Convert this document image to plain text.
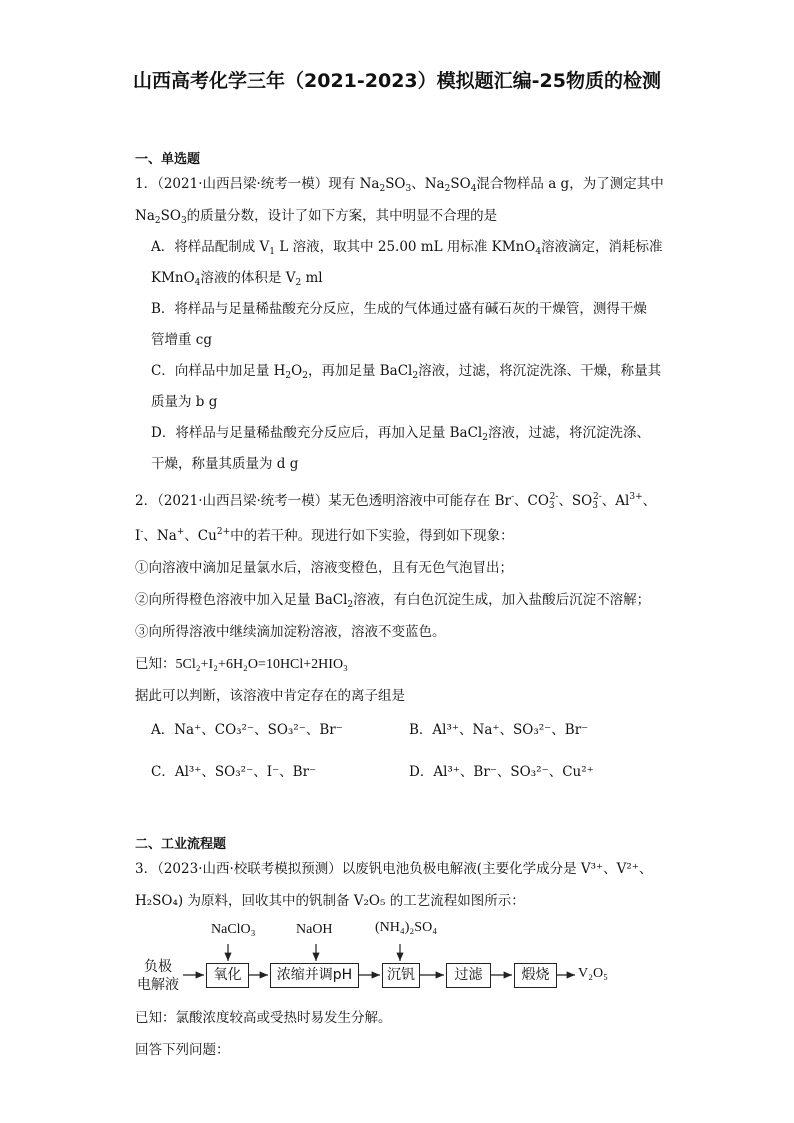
山西高考化学三年（2021-2023）模拟题汇编-25物质的检测
一、单选题
1．（2021·山西吕梁·统考一模）现有 $Na_2SO_3$、$Na_2SO_4$混合物样品 a g，为了测定其中
$Na_2SO_3$的质量分数，设计了如下方案，其中明显不合理的是
A．将样品配制成 $V_1$ L 溶液，取其中 25.00 mL 用标准 KMnO$_4$溶液滴定，消耗标准
KMnO$_4$溶液的体积是 $V_2$ ml
B．将样品与足量稀盐酸充分反应，生成的气体通过盛有碱石灰的干燥管，测得干燥
管增重 cg
C．向样品中加足量 $H_2O_2$，再加足量 BaCl$_2$溶液，过滤，将沉淀洗涤、干燥，称量其
质量为 b g
D．将样品与足量稀盐酸充分反应后，再加入足量 BaCl$_2$溶液，过滤，将沉淀洗涤、
干燥，称量其质量为 d g
2．（2021·山西吕梁·统考一模）某无色透明溶液中可能存在 Br-、$CO_3^{2-}$、$SO_3^{2-}$、$Al^{3+}$、
I-、Na+、$Cu^{2+}$中的若干种。现进行如下实验，得到如下现象：
①向溶液中滴加足量氯水后，溶液变橙色，且有无色气泡冒出；
②向所得橙色溶液中加入足量 BaCl$_2$溶液，有白色沉淀生成，加入盐酸后沉淀不溶解；
③向所得溶液中继续滴加淀粉溶液，溶液不变蓝色。
已知：5Cl₂+I₂+6H₂O=10HCl+2HIO₃
据此可以判断，该溶液中肯定存在的离子组是
A．Na⁺、CO₃²⁻、SO₃²⁻、Br⁻	B．Al³⁺、Na⁺、SO₃²⁻、Br⁻
C．Al³⁺、SO₃²⁻、I⁻、Br⁻	D．Al³⁺、Br⁻、SO₃²⁻、Cu²⁺
二、工业流程题
3．（2023·山西·校联考模拟预测）以废钒电池负极电解液(主要化学成分是 V³⁺、V²⁺、
H₂SO₄) 为原料，回收其中的钒制备 V₂O₅ 的工艺流程如图所示：
NaClO₃	NaOH	(NH₄)₂SO₄
负极
电解液
氧化	浓缩并调pH	沉钒	过滤	煅烧	V₂O₅
已知：氯酸浓度较高或受热时易发生分解。
回答下列问题：
